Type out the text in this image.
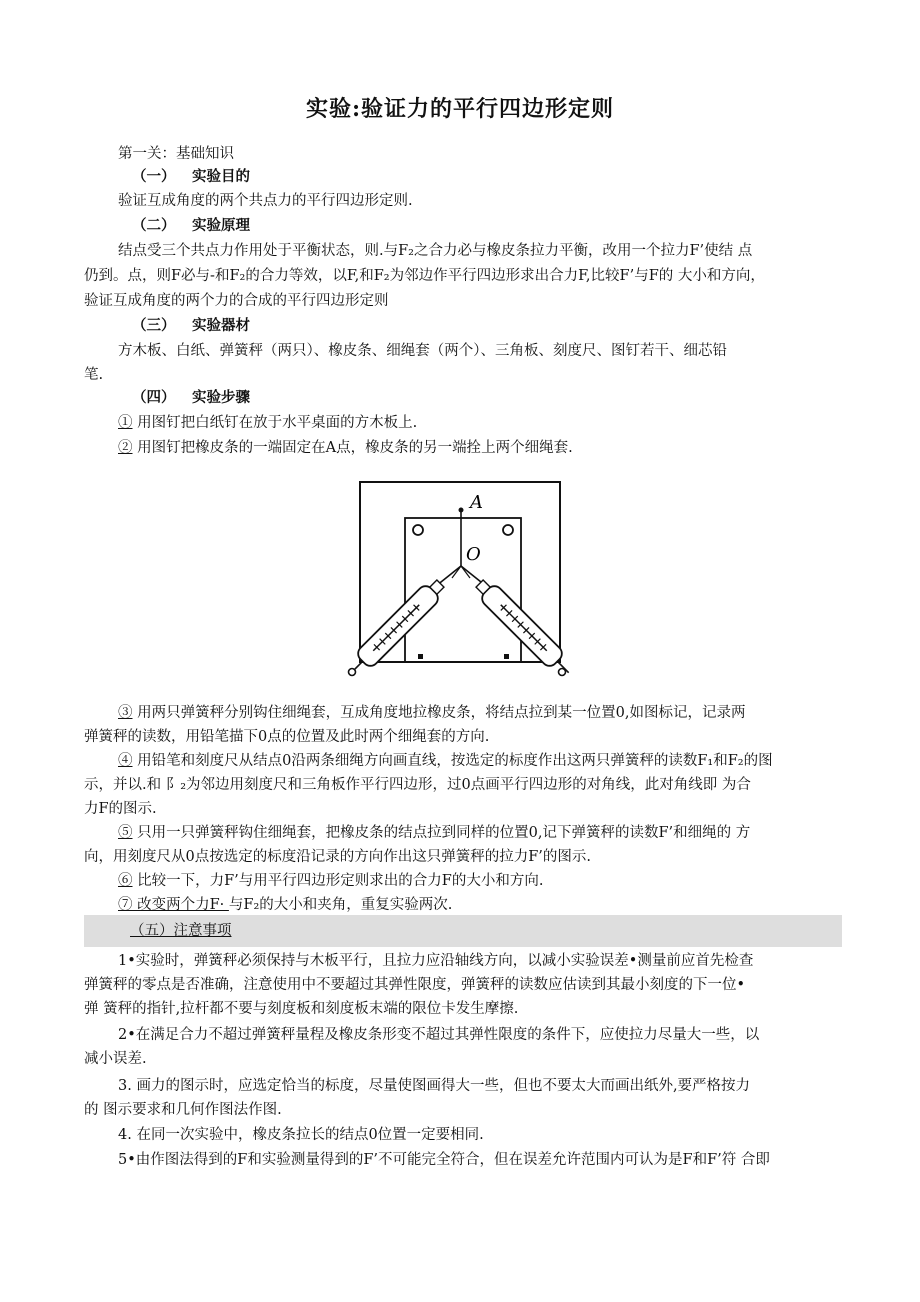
实验:验证力的平行四边形定则
第一关：基础知识
（一） 实验目的
验证互成角度的两个共点力的平行四边形定则.
（二） 实验原理
结点受三个共点力作用处于平衡状态，则.与F₂之合力必与橡皮条拉力平衡，改用一个拉力F’使结 点
仍到。点，则F必与-和F₂的合力等效，以F,和F₂为邻边作平行四边形求出合力F,比较F’与F的 大小和方向，
验证互成角度的两个力的合成的平行四边形定则
（三） 实验器材
方木板、白纸、弹簧秤（两只）、橡皮条、细绳套（两个）、三角板、刻度尺、图钉若干、细芯铅
笔.
（四） 实验步骤
① 用图钉把白纸钉在放于水平桌面的方木板上.
② 用图钉把橡皮条的一端固定在A点，橡皮条的另一端拴上两个细绳套.
A
O
③ 用两只弹簧秤分别钩住细绳套，互成角度地拉橡皮条，将结点拉到某一位置0,如图标记，记录两
弹簧秤的读数，用铅笔描下0点的位置及此时两个细绳套的方向.
④ 用铅笔和刻度尺从结点0沿两条细绳方向画直线，按选定的标度作出这两只弹簧秤的读数F₁和F₂的图
示，并以.和 阝₂为邻边用刻度尺和三角板作平行四边形，过0点画平行四边形的对角线，此对角线即 为合
力F的图示.
⑤ 只用一只弹簧秤钩住细绳套，把橡皮条的结点拉到同样的位置0,记下弹簧秤的读数F’和细绳的 方
向，用刻度尺从0点按选定的标度沿记录的方向作出这只弹簧秤的拉力F’的图示.
⑥ 比较一下，力F’与用平行四边形定则求出的合力F的大小和方向.
⑦ 改变两个力F· 与F₂的大小和夹角，重复实验两次.
（五）注意事项
1•实验时，弹簧秤必须保持与木板平行，且拉力应沿轴线方向，以减小实验误差•测量前应首先检查
弹簧秤的零点是否准确，注意使用中不要超过其弹性限度，弹簧秤的读数应估读到其最小刻度的下一位•
弹 簧秤的指针,拉杆都不要与刻度板和刻度板末端的限位卡发生摩擦.
2•在满足合力不超过弹簧秤量程及橡皮条形变不超过其弹性限度的条件下，应使拉力尽量大一些，以
减小误差.
3. 画力的图示时，应选定恰当的标度，尽量使图画得大一些，但也不要太大而画出纸外,要严格按力
的 图示要求和几何作图法作图.
4. 在同一次实验中，橡皮条拉长的结点0位置一定要相同.
5•由作图法得到的F和实验测量得到的F’不可能完全符合，但在误差允许范围内可认为是F和F’符 合即
